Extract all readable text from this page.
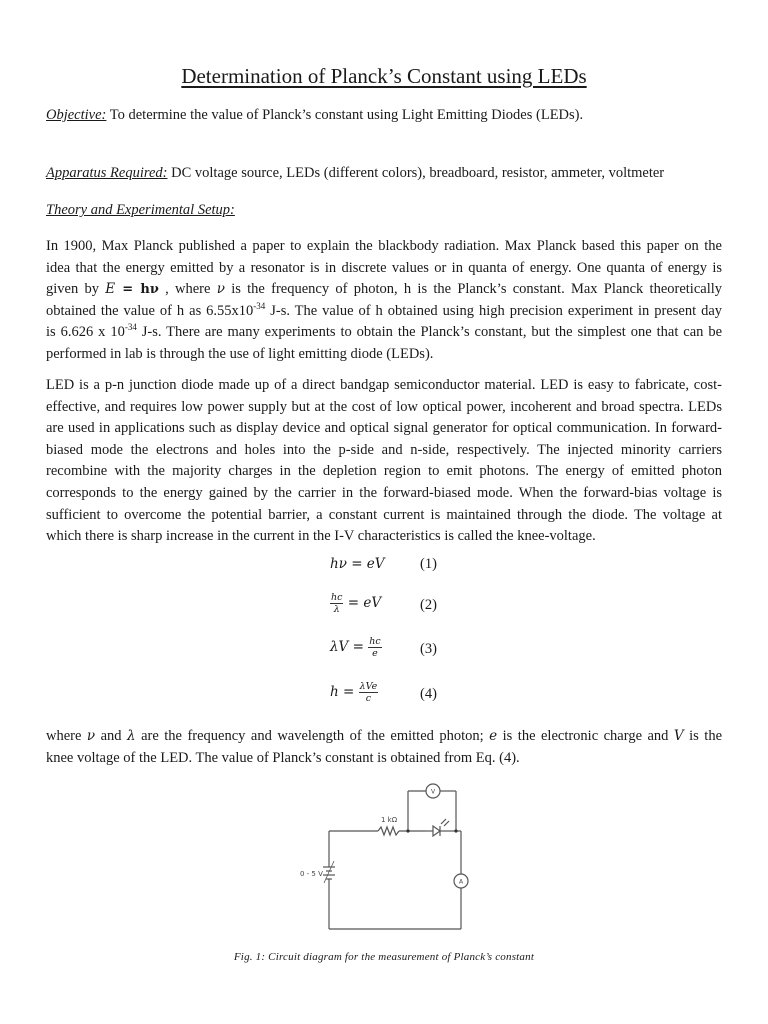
Determination of Planck’s Constant using LEDs
Objective: To determine the value of Planck’s constant using Light Emitting Diodes (LEDs).
Apparatus Required: DC voltage source, LEDs (different colors), breadboard, resistor, ammeter, voltmeter
Theory and Experimental Setup:
In 1900, Max Planck published a paper to explain the blackbody radiation. Max Planck based this paper on the
idea that the energy emitted by a resonator is in discrete values or in quanta of energy. One quanta of energy is
given by E = hν , where ν is the frequency of photon, h is the Planck’s constant. Max Planck theoretically
obtained the value of h as $6.55x10^{-34}$ J-s. The value of h obtained using high precision experiment in present day
is 6.626 x $10^{-34}$ J-s. There are many experiments to obtain the Planck’s constant, but the simplest one that can be
performed in lab is through the use of light emitting diode (LEDs).
LED is a p-n junction diode made up of a direct bandgap semiconductor material. LED is easy to fabricate, cost-
effective, and requires low power supply but at the cost of low optical power, incoherent and broad spectra. LEDs
are used in applications such as display device and optical signal generator for optical communication. In forward-
biased mode the electrons and holes into the p-side and n-side, respectively. The injected minority carriers
recombine with the majority charges in the depletion region to emit photons. The energy of emitted photon
corresponds to the energy gained by the carrier in the forward-biased mode. When the forward-bias voltage is
sufficient to overcome the potential barrier, a constant current is maintained through the diode. The voltage at
which there is sharp increase in the current in the I-V characteristics is called the knee-voltage.
hν = eV (1)
$\frac{hc}{\lambda}$ = eV	(2)
$\lambda V = \frac{hc}{e}$	(3)
$h = \frac{\text{λVe}}{c}$	(4)
where ν and λ are the frequency and wavelength of the emitted photon; e is the electronic charge and V is the
knee voltage of the LED. The value of Planck’s constant is obtained from Eq. (4).
0 - 5 V
1 kΩ
V
A
Fig. 1: Circuit diagram for the measurement of Planck’s constant
